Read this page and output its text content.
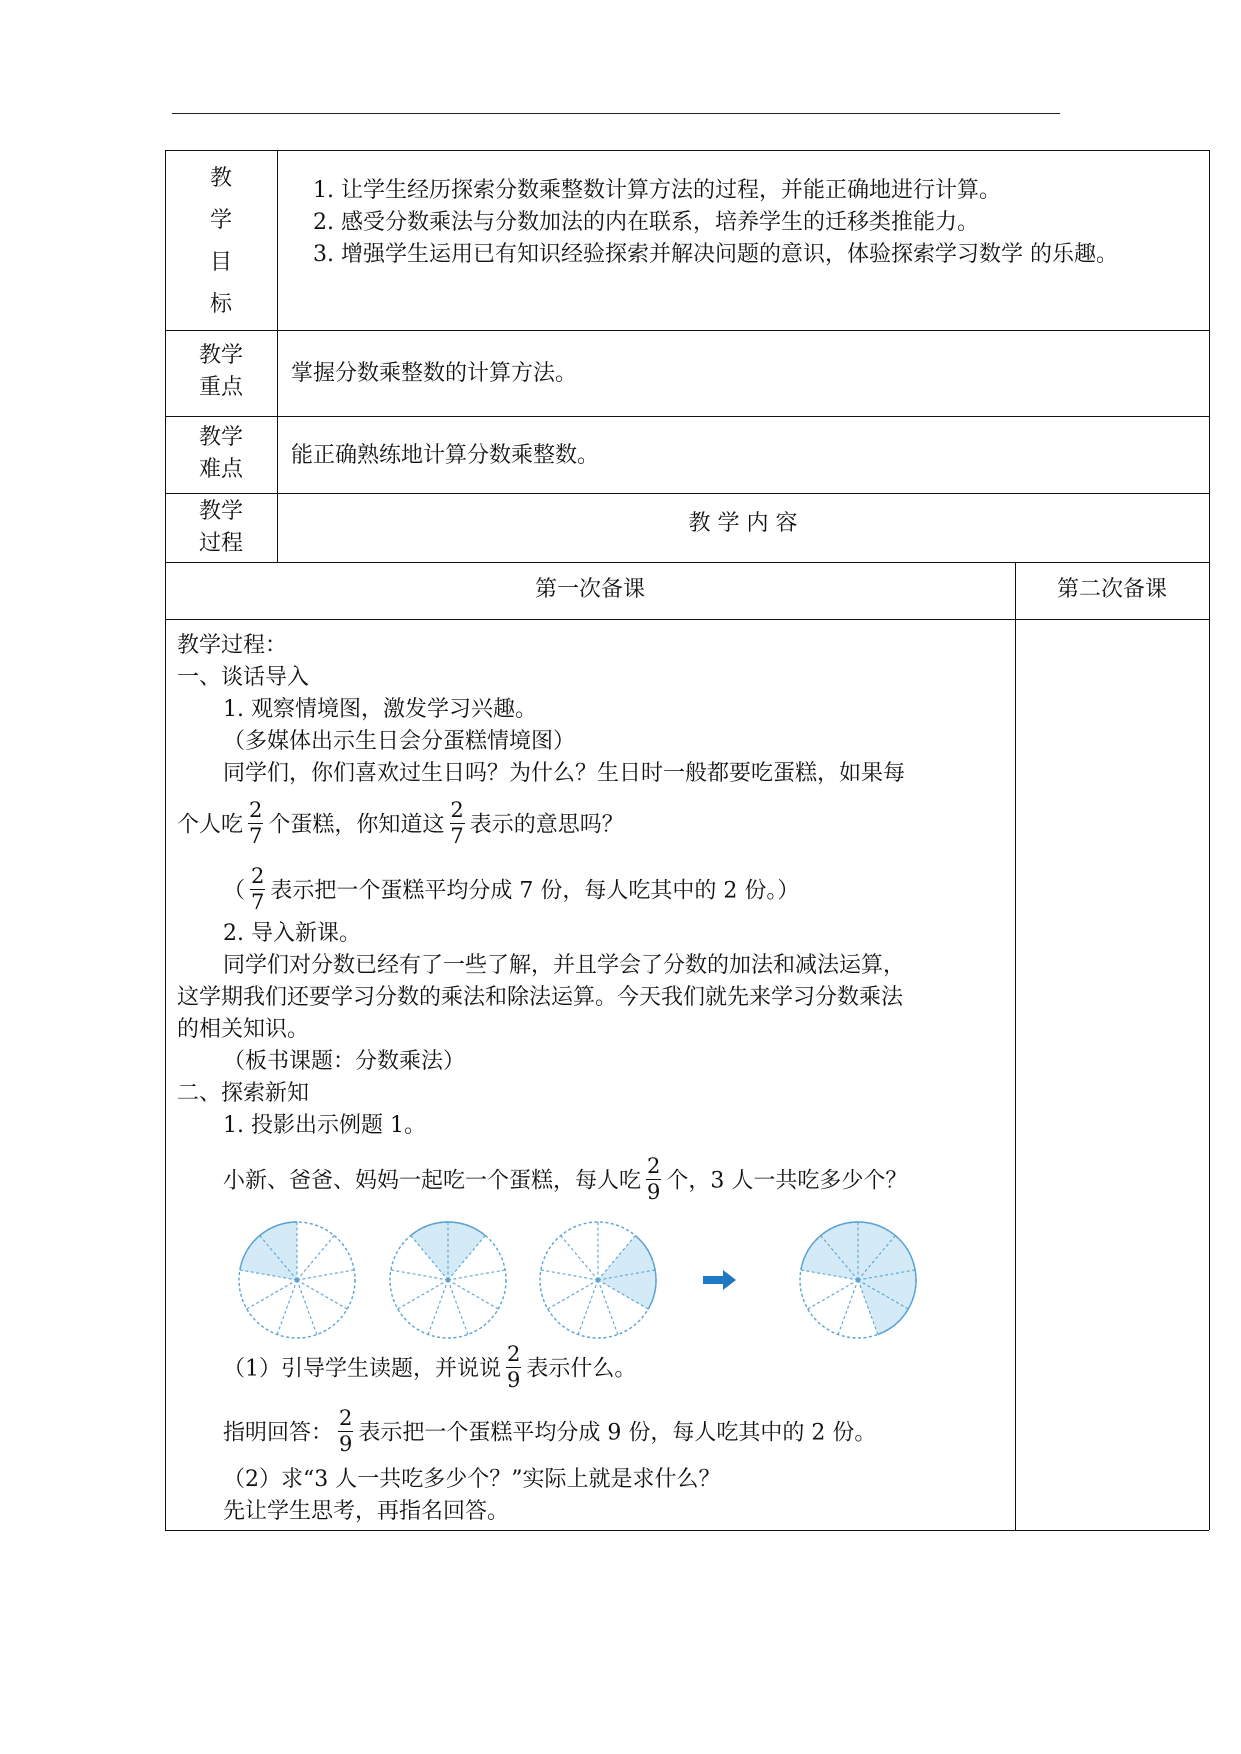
教
学
目
标
1. 让学生经历探索分数乘整数计算方法的过程，并能正确地进行计算。
2. 感受分数乘法与分数加法的内在联系，培养学生的迁移类推能力。
3. 增强学生运用已有知识经验探索并解决问题的意识，体验探索学习数学 的乐趣。
教学
重点
掌握分数乘整数的计算方法。
教学
难点
能正确熟练地计算分数乘整数。
教学
过程
教 学 内 容
第一次备课	第二次备课
教学过程：
一、谈话导入
1. 观察情境图，激发学习兴趣。
（多媒体出示生日会分蛋糕情境图）
同学们，你们喜欢过生日吗？为什么？生日时一般都要吃蛋糕，如果每
个人吃 $\frac{2}{7}$ 个蛋糕，你知道这 $\frac{2}{7}$ 表示的意思吗？
（ $\frac{2}{7}$ 表示把一个蛋糕平均分成 7 份，每人吃其中的 2 份。）
2. 导入新课。
同学们对分数已经有了一些了解，并且学会了分数的加法和减法运算，
这学期我们还要学习分数的乘法和除法运算。今天我们就先来学习分数乘法
的相关知识。
（板书课题：分数乘法）
二、探索新知
1. 投影出示例题 1。
小新、爸爸、妈妈一起吃一个蛋糕，每人吃 $\frac{2}{9}$ 个，3 人一共吃多少个？
（1）引导学生读题，并说说 $\frac{2}{9}$ 表示什么。
指明回答： $\frac{2}{9}$ 表示把一个蛋糕平均分成 9 份，每人吃其中的 2 份。
（2）求“3 人一共吃多少个？”实际上就是求什么？
先让学生思考，再指名回答。
